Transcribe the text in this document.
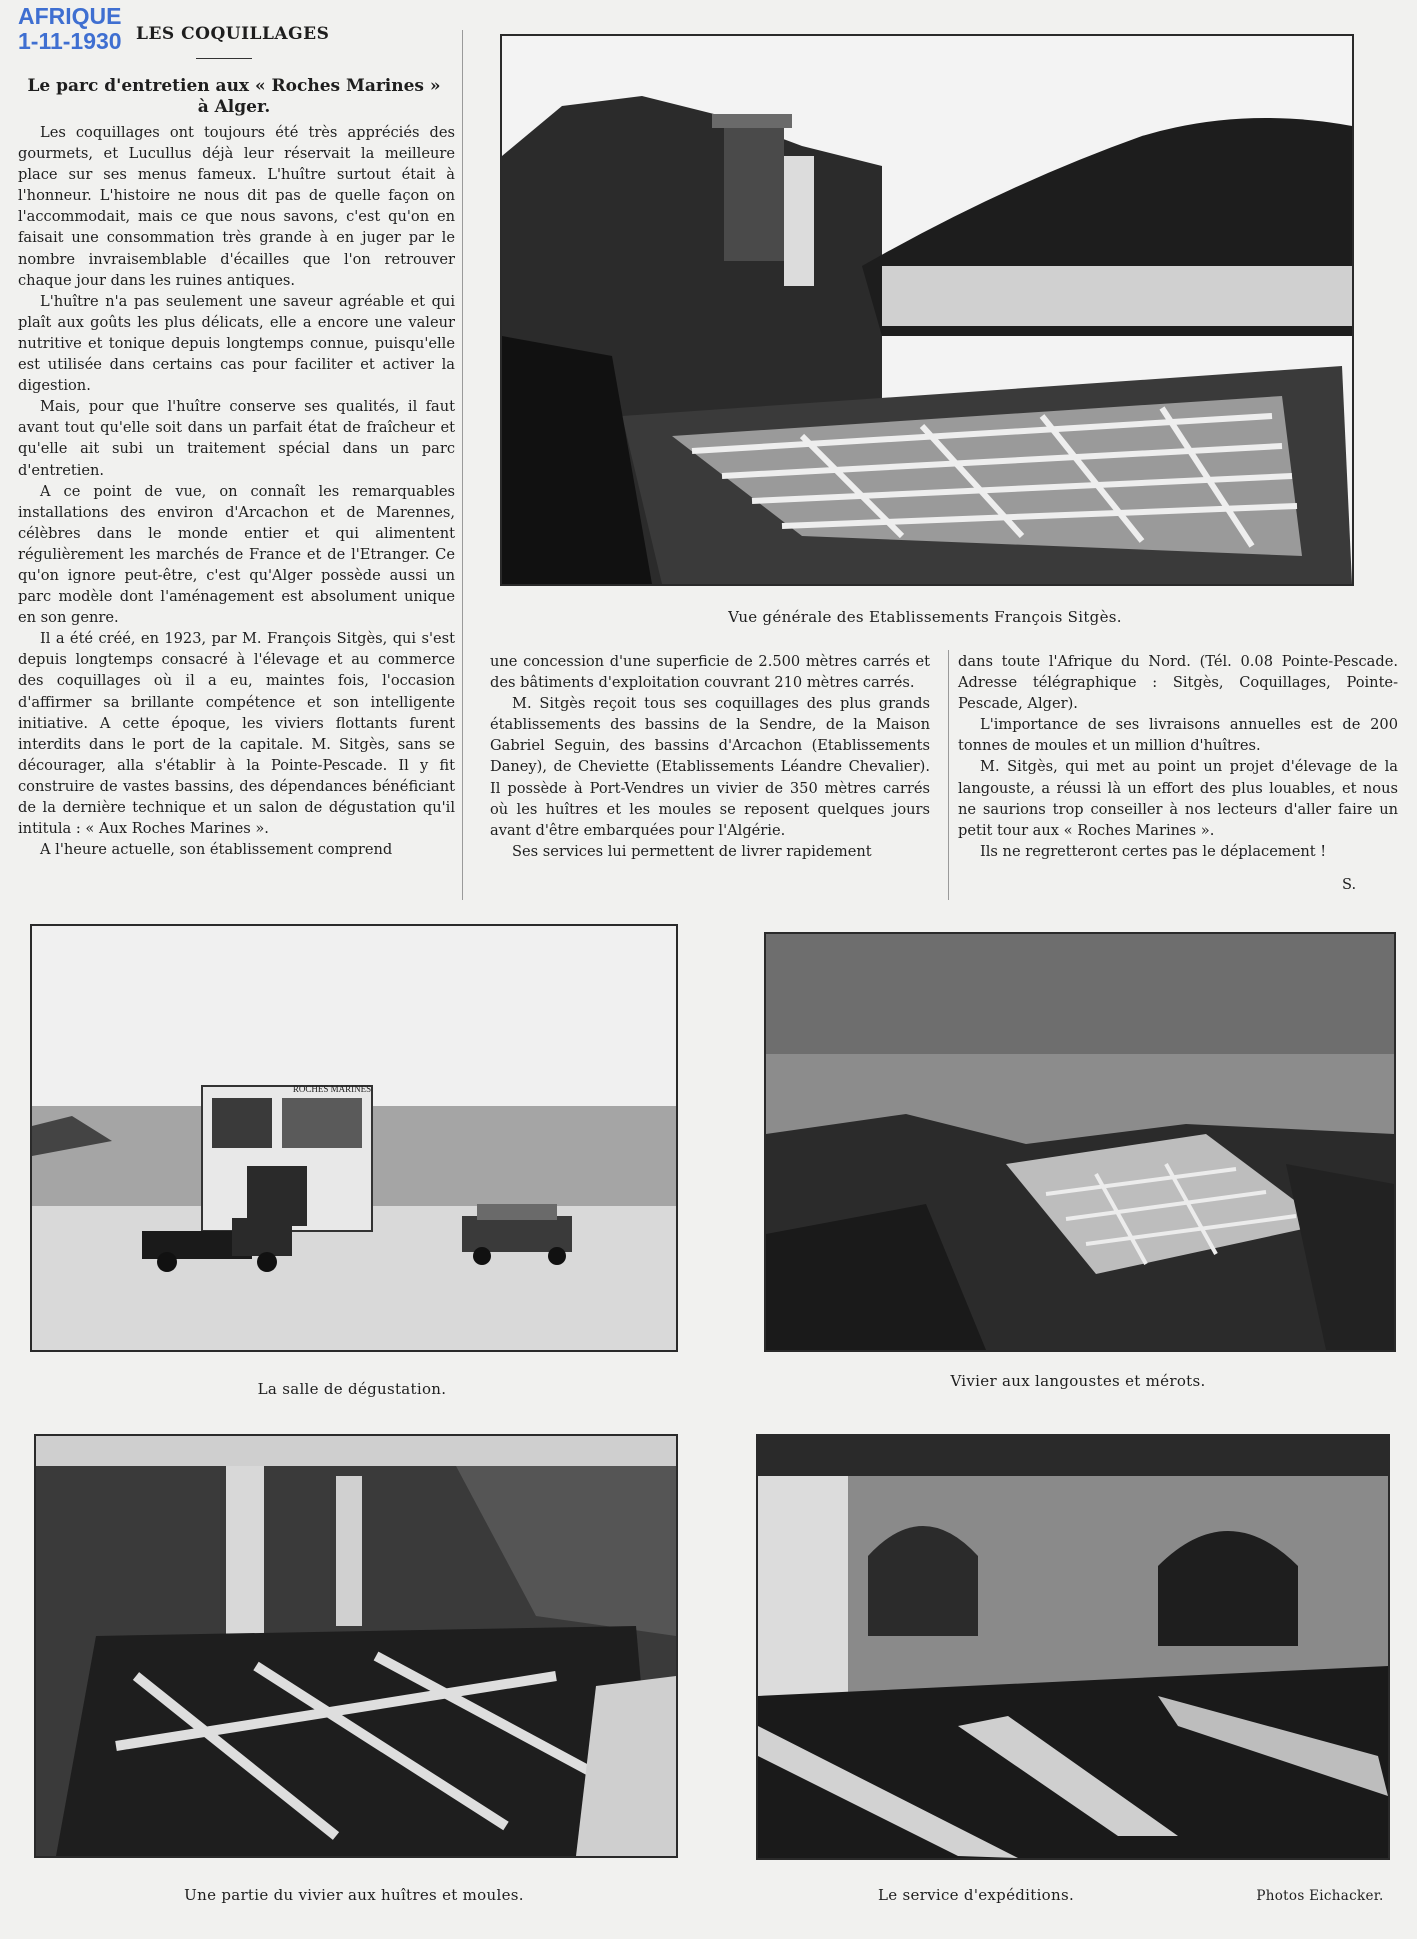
AFRIQUE
1-11-1930 LES COQUILLAGES
Le parc d'entretien aux « Roches Marines »
à Alger.

Les coquillages ont toujours été très appréciés des gourmets, et Lucullus déjà leur réservait la meilleure place sur ses menus fameux. L'huître surtout était à l'honneur. L'histoire ne nous dit pas de quelle façon on l'accommodait, mais ce que nous savons, c'est qu'on en faisait une consommation très grande à en juger par le nombre invraisemblable d'écailles que l'on retrouver chaque jour dans les ruines antiques.

L'huître n'a pas seulement une saveur agréable et qui plaît aux goûts les plus délicats, elle a encore une valeur nutritive et tonique depuis longtemps connue, puisqu'elle est utilisée dans certains cas pour faciliter et activer la digestion.

Mais, pour que l'huître conserve ses qualités, il faut avant tout qu'elle soit dans un parfait état de fraîcheur et qu'elle ait subi un traitement spécial dans un parc d'entretien.

A ce point de vue, on connaît les remarquables installations des environ d'Arcachon et de Marennes, célèbres dans le monde entier et qui alimentent régulièrement les marchés de France et de l'Etranger. Ce qu'on ignore peut-être, c'est qu'Alger possède aussi un parc modèle dont l'aménagement est absolument unique en son genre.

Il a été créé, en 1923, par M. François Sitgès, qui s'est depuis longtemps consacré à l'élevage et au commerce des coquillages où il a eu, maintes fois, l'occasion d'affirmer sa brillante compétence et son intelligente initiative. A cette époque, les viviers flottants furent interdits dans le port de la capitale. M. Sitgès, sans se décourager, alla s'établir à la Pointe-Pescade. Il y fit construire de vastes bassins, des dépendances bénéficiant de la dernière technique et un salon de dégustation qu'il intitula : « Aux Roches Marines ».

A l'heure actuelle, son établissement comprend

Vue générale des Etablissements François Sitgès.

une concession d'une superficie de 2.500 mètres carrés et des bâtiments d'exploitation couvrant 210 mètres carrés.

M. Sitgès reçoit tous ses coquillages des plus grands établissements des bassins de la Sendre, de la Maison Gabriel Seguin, des bassins d'Arcachon (Etablissements Daney), de Cheviette (Etablissements Léandre Chevalier). Il possède à Port-Vendres un vivier de 350 mètres carrés où les huîtres et les moules se reposent quelques jours avant d'être embarquées pour l'Algérie.

Ses services lui permettent de livrer rapidement

dans toute l'Afrique du Nord. (Tél. 0.08 Pointe-Pescade. Adresse télégraphique : Sitgès, Coquillages, Pointe-Pescade, Alger).

L'importance de ses livraisons annuelles est de 200 tonnes de moules et un million d'huîtres.

M. Sitgès, qui met au point un projet d'élevage de la langouste, a réussi là un effort des plus louables, et nous ne saurions trop conseiller à nos lecteurs d'aller faire un petit tour aux « Roches Marines ».

Ils ne regretteront certes pas le déplacement !

S.
ROCHES MARINES
La salle de dégustation.	Vivier aux langoustes et mérots.
Une partie du vivier aux huîtres et moules.	Le service d'expéditions.	Photos Eichacker.
